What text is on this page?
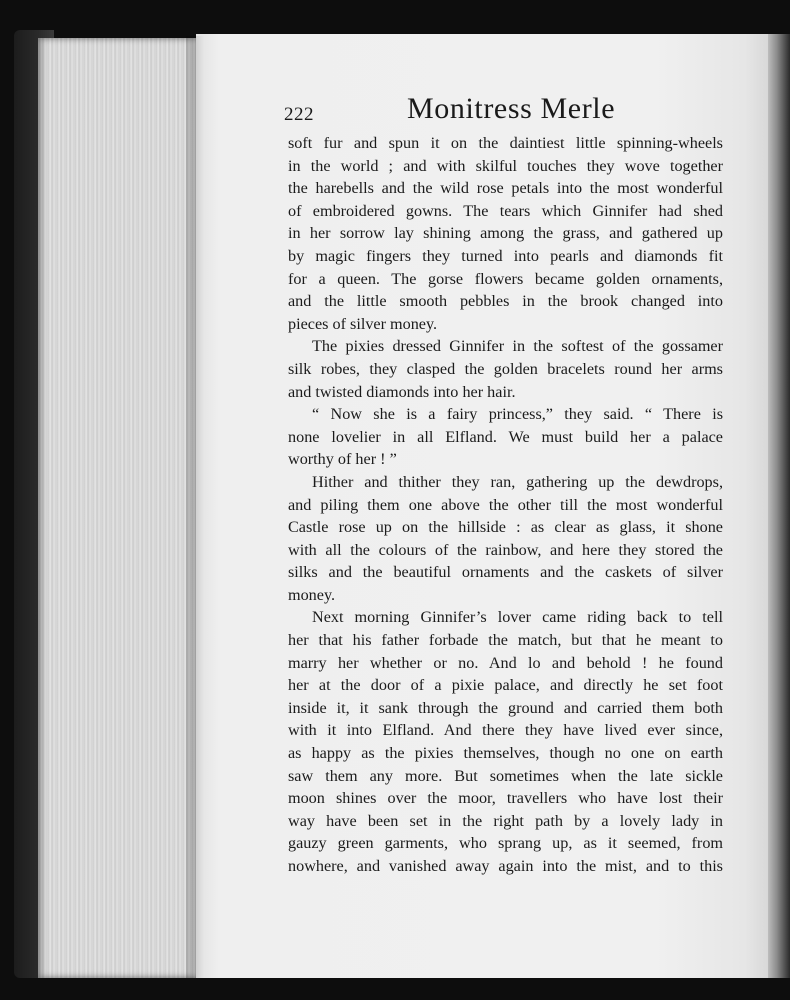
222	Monitress Merle
soft fur and spun it on the daintiest little spinning-wheels
in the world ; and with skilful touches they wove together
the harebells and the wild rose petals into the most wonderful
of embroidered gowns. The tears which Ginnifer had shed
in her sorrow lay shining among the grass, and gathered up
by magic fingers they turned into pearls and diamonds fit
for a queen. The gorse flowers became golden ornaments,
and the little smooth pebbles in the brook changed into
pieces of silver money.
The pixies dressed Ginnifer in the softest of the gossamer
silk robes, they clasped the golden bracelets round her arms
and twisted diamonds into her hair.
“ Now she is a fairy princess,” they said. “ There is
none lovelier in all Elfland. We must build her a palace
worthy of her ! ”
Hither and thither they ran, gathering up the dewdrops,
and piling them one above the other till the most wonderful
Castle rose up on the hillside : as clear as glass, it shone
with all the colours of the rainbow, and here they stored the
silks and the beautiful ornaments and the caskets of silver
money.
Next morning Ginnifer’s lover came riding back to tell
her that his father forbade the match, but that he meant to
marry her whether or no. And lo and behold ! he found
her at the door of a pixie palace, and directly he set foot
inside it, it sank through the ground and carried them both
with it into Elfland. And there they have lived ever since,
as happy as the pixies themselves, though no one on earth
saw them any more. But sometimes when the late sickle
moon shines over the moor, travellers who have lost their
way have been set in the right path by a lovely lady in
gauzy green garments, who sprang up, as it seemed, from
nowhere, and vanished away again into the mist, and to this
